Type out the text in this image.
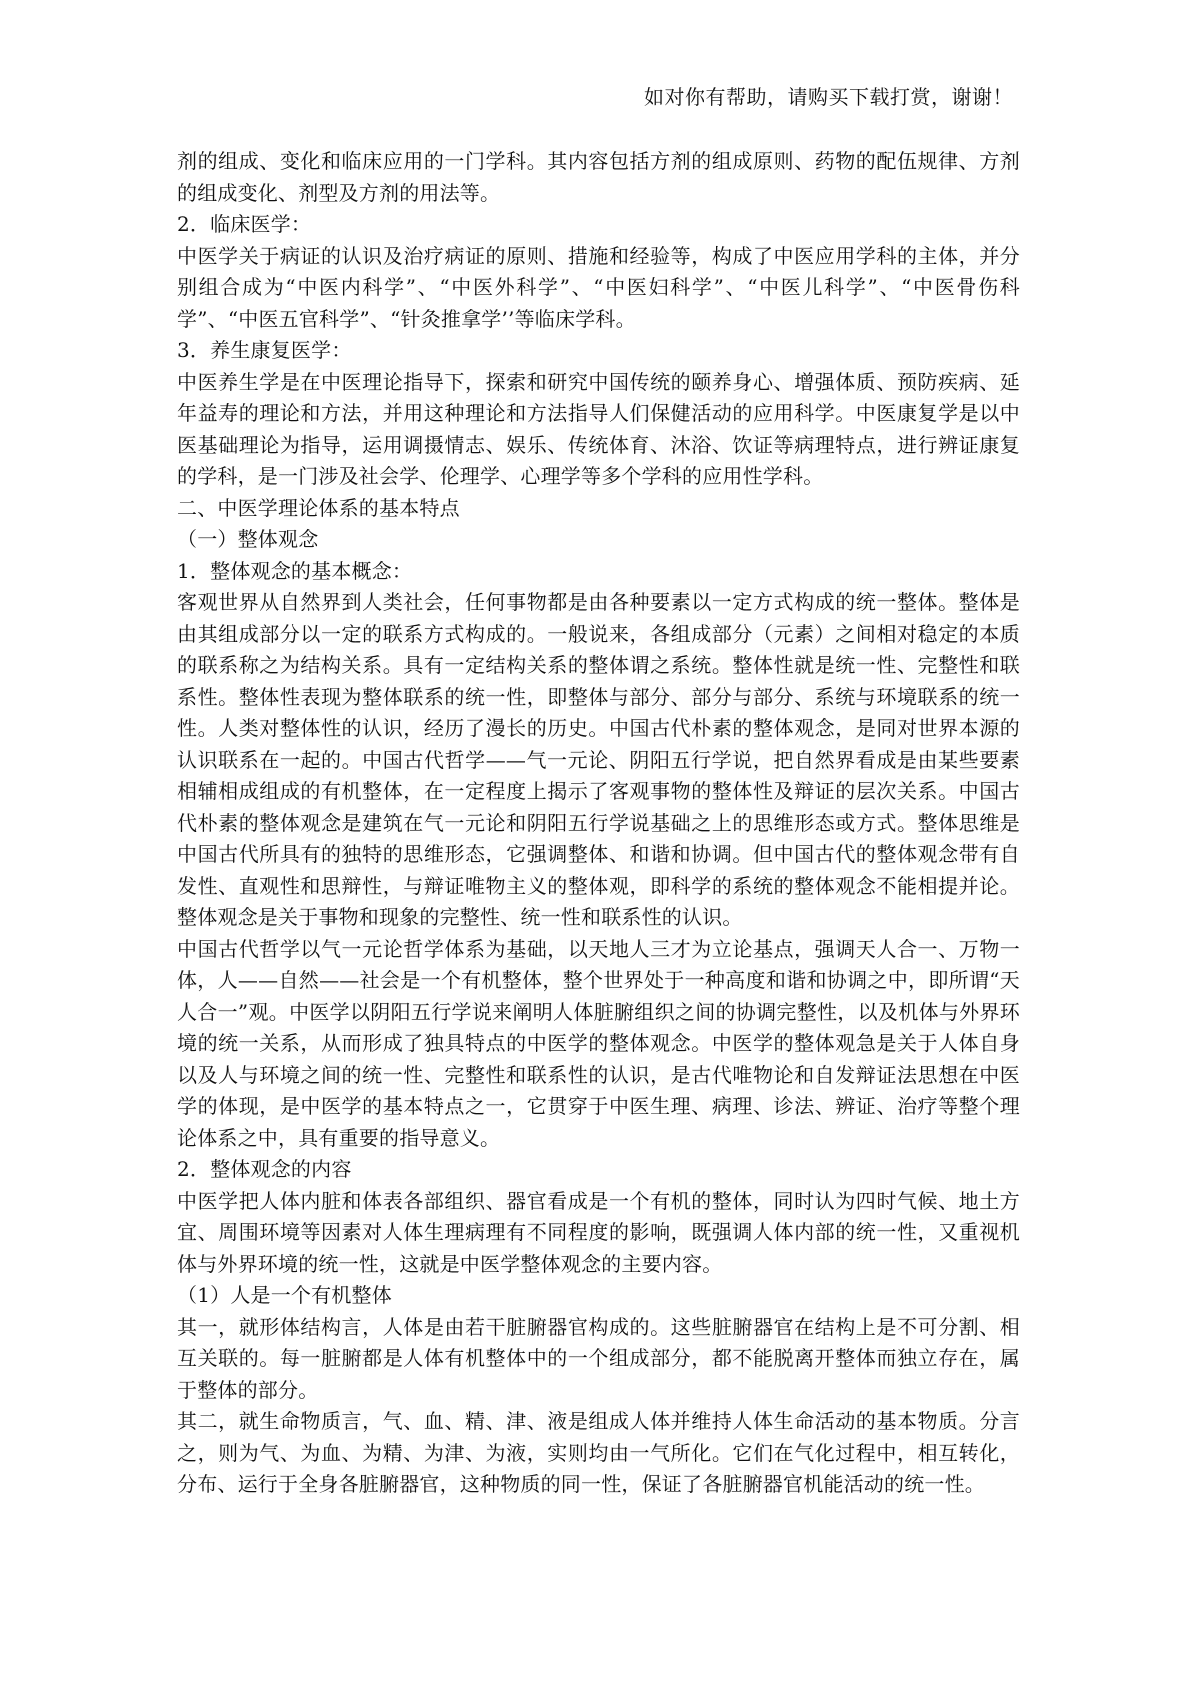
如对你有帮助，请购买下载打赏，谢谢！

剂的组成、变化和临床应用的一门学科。其内容包括方剂的组成原则、药物的配伍规律、方剂的组成变化、剂型及方剂的用法等。

2．临床医学：

中医学关于病证的认识及治疗病证的原则、措施和经验等，构成了中医应用学科的主体，并分别组合成为“中医内科学”、“中医外科学”、“中医妇科学”、“中医儿科学”、“中医骨伤科学”、“中医五官科学”、“针灸推拿学’’等临床学科。

3．养生康复医学：

中医养生学是在中医理论指导下，探索和研究中国传统的颐养身心、增强体质、预防疾病、延年益寿的理论和方法，并用这种理论和方法指导人们保健活动的应用科学。中医康复学是以中医基础理论为指导，运用调摄情志、娱乐、传统体育、沐浴、饮证等病理特点，进行辨证康复的学科，是一门涉及社会学、伦理学、心理学等多个学科的应用性学科。

二、中医学理论体系的基本特点

（一）整体观念

1．整体观念的基本概念：

客观世界从自然界到人类社会，任何事物都是由各种要素以一定方式构成的统一整体。整体是由其组成部分以一定的联系方式构成的。一般说来，各组成部分（元素）之间相对稳定的本质的联系称之为结构关系。具有一定结构关系的整体谓之系统。整体性就是统一性、完整性和联系性。整体性表现为整体联系的统一性，即整体与部分、部分与部分、系统与环境联系的统一性。人类对整体性的认识，经历了漫长的历史。中国古代朴素的整体观念，是同对世界本源的认识联系在一起的。中国古代哲学——气一元论、阴阳五行学说，把自然界看成是由某些要素相辅相成组成的有机整体，在一定程度上揭示了客观事物的整体性及辩证的层次关系。中国古代朴素的整体观念是建筑在气一元论和阴阳五行学说基础之上的思维形态或方式。整体思维是中国古代所具有的独特的思维形态，它强调整体、和谐和协调。但中国古代的整体观念带有自发性、直观性和思辩性，与辩证唯物主义的整体观，即科学的系统的整体观念不能相提并论。整体观念是关于事物和现象的完整性、统一性和联系性的认识。

中国古代哲学以气一元论哲学体系为基础，以天地人三才为立论基点，强调天人合一、万物一体，人——自然——社会是一个有机整体，整个世界处于一种高度和谐和协调之中，即所谓“天人合一”观。中医学以阴阳五行学说来阐明人体脏腑组织之间的协调完整性，以及机体与外界环境的统一关系，从而形成了独具特点的中医学的整体观念。中医学的整体观急是关于人体自身以及人与环境之间的统一性、完整性和联系性的认识，是古代唯物论和自发辩证法思想在中医学的体现，是中医学的基本特点之一，它贯穿于中医生理、病理、诊法、辨证、治疗等整个理论体系之中，具有重要的指导意义。

2．整体观念的内容

中医学把人体内脏和体表各部组织、器官看成是一个有机的整体，同时认为四时气候、地土方宜、周围环境等因素对人体生理病理有不同程度的影响，既强调人体内部的统一性，又重视机体与外界环境的统一性，这就是中医学整体观念的主要内容。

（1）人是一个有机整体

其一，就形体结构言，人体是由若干脏腑器官构成的。这些脏腑器官在结构上是不可分割、相互关联的。每一脏腑都是人体有机整体中的一个组成部分，都不能脱离开整体而独立存在，属于整体的部分。

其二，就生命物质言，气、血、精、津、液是组成人体并维持人体生命活动的基本物质。分言之，则为气、为血、为精、为津、为液，实则均由一气所化。它们在气化过程中，相互转化，分布、运行于全身各脏腑器官，这种物质的同一性，保证了各脏腑器官机能活动的统一性。
